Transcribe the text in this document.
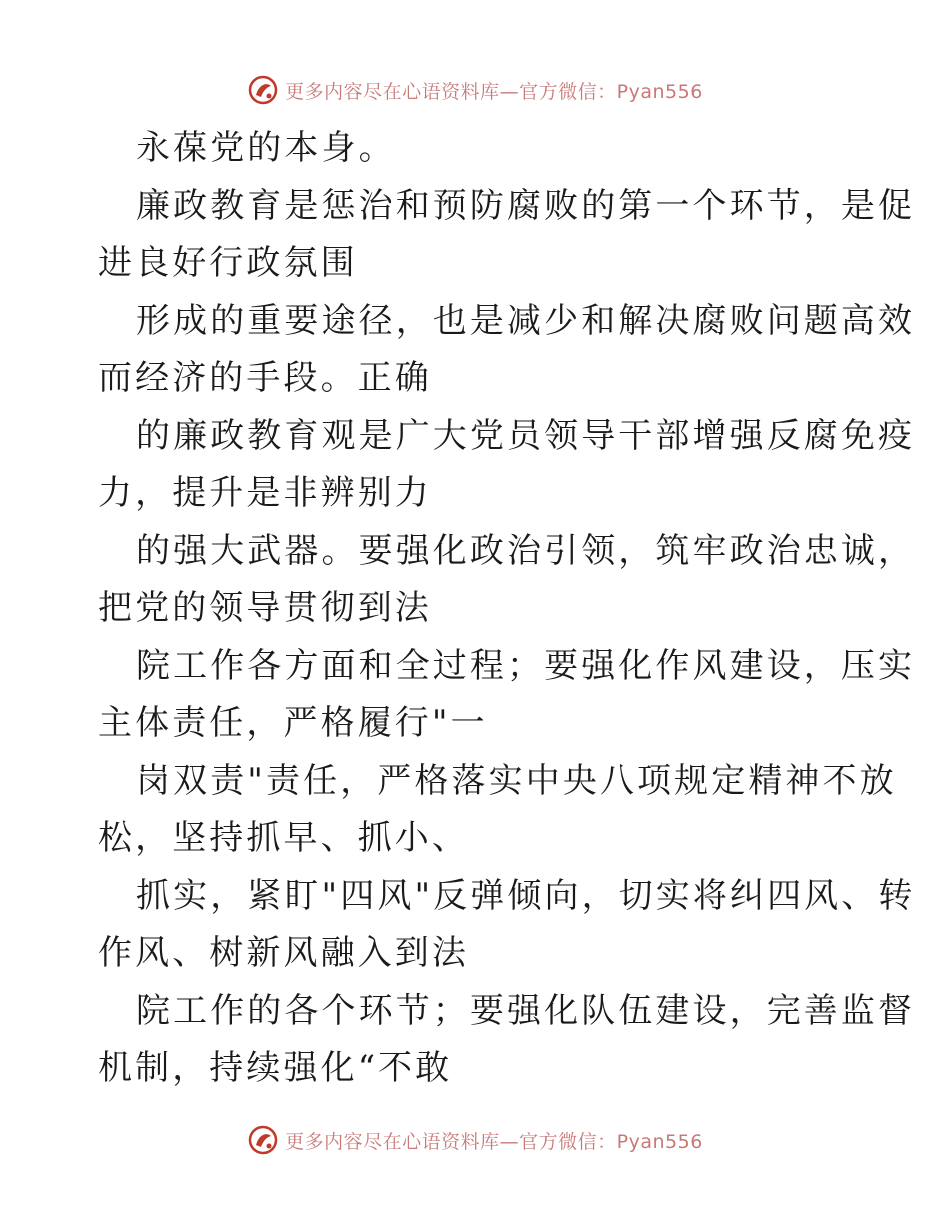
更多内容尽在心语资料库—官方微信：Pyan556
永葆党的本身。
廉政教育是惩治和预防腐败的第一个环节，是促
进良好行政氛围
形成的重要途径，也是减少和解决腐败问题高效
而经济的手段。正确
的廉政教育观是广大党员领导干部增强反腐免疫
力，提升是非辨别力
的强大武器。要强化政治引领，筑牢政治忠诚，
把党的领导贯彻到法
院工作各方面和全过程；要强化作风建设，压实
主体责任，严格履行"一
岗双责"责任，严格落实中央八项规定精神不放
松，坚持抓早、抓小、
抓实，紧盯"四风"反弹倾向，切实将纠四风、转
作风、树新风融入到法
院工作的各个环节；要强化队伍建设，完善监督
机制，持续强化“不敢
更多内容尽在心语资料库—官方微信：Pyan556
